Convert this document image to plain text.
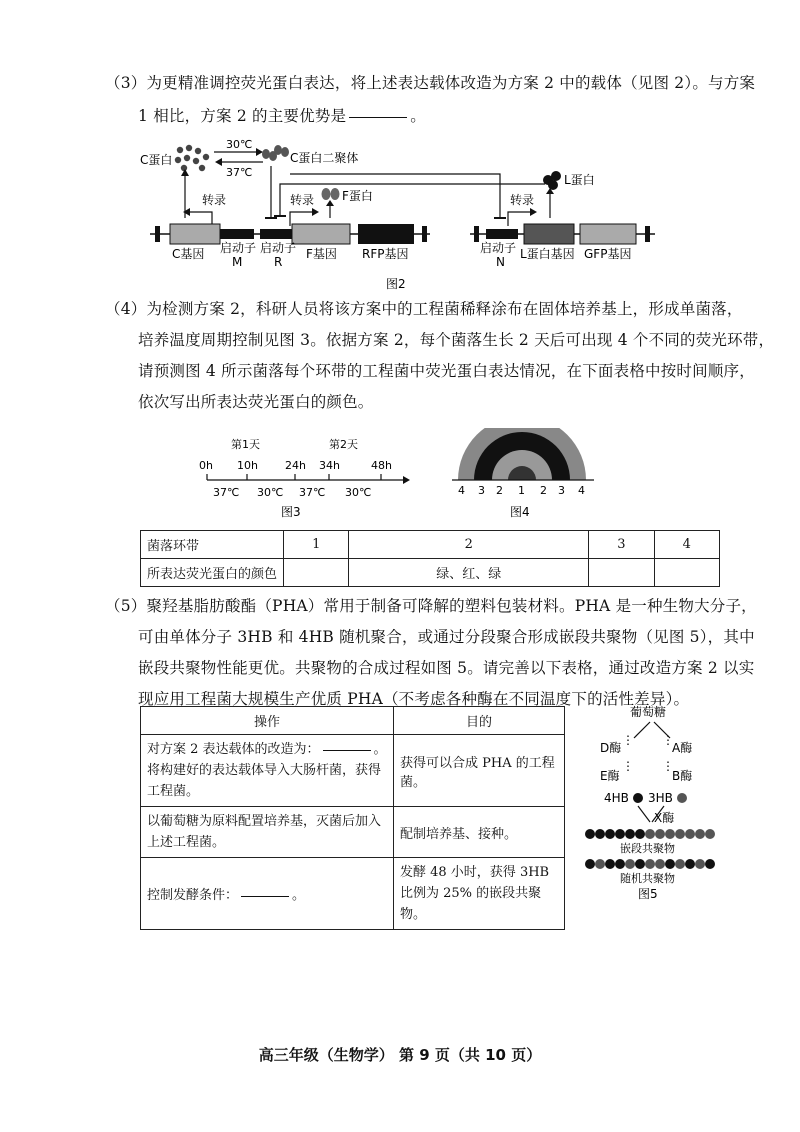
（3）为更精准调控荧光蛋白表达，将上述表达载体改造为方案 2 中的载体（见图 2）。与方案
1 相比，方案 2 的主要优势是	。
C蛋白
30℃
37℃
C蛋白二聚体
L蛋白
F蛋白
转录	转录	转录
C基因 启动子
M
启动子
R
F基因 RFP基因	启动子
N
L蛋白基因 GFP基因
图2
（4）为检测方案 2，科研人员将该方案中的工程菌稀释涂布在固体培养基上，形成单菌落，
培养温度周期控制见图 3。依据方案 2，每个菌落生长 2 天后可出现 4 个不同的荧光环带，
请预测图 4 所示菌落每个环带的工程菌中荧光蛋白表达情况，在下面表格中按时间顺序，
依次写出所表达荧光蛋白的颜色。
第1天	第2天
0h 10h 24h 34h	48h
37℃ 30℃ 37℃ 30℃
图3
4 3 2 1 2 3 4
图4
菌落环带	1	2	3	4
所表达荧光蛋白的颜色		绿、红、绿		
（5）聚羟基脂肪酸酯（PHA）常用于制备可降解的塑料包装材料。PHA 是一种生物大分子，
可由单体分子 3HB 和 4HB 随机聚合，或通过分段聚合形成嵌段共聚物（见图 5），其中
嵌段共聚物性能更优。共聚物的合成过程如图 5。请完善以下表格，通过改造方案 2 以实
现应用工程菌大规模生产优质 PHA（不考虑各种酶在不同温度下的活性差异）。
操作	目的
对方案 2 表达载体的改造为： 。
将构建好的表达载体导入大肠杆菌，获得工程菌。	获得可以合成 PHA 的工程菌。
以葡萄糖为原料配置培养基，灭菌后加入上述工程菌。	配制培养基、接种。
控制发酵条件： 。	发酵 48 小时，获得 3HB 比例为 25% 的嵌段共聚物。
葡萄糖
D酶	A酶
⋮ ⋮
E酶	B酶
⋮ ⋮
4HB 3HB
X酶
嵌段共聚物
随机共聚物
图5
高三年级（生物学） 第 9 页（共 10 页）
